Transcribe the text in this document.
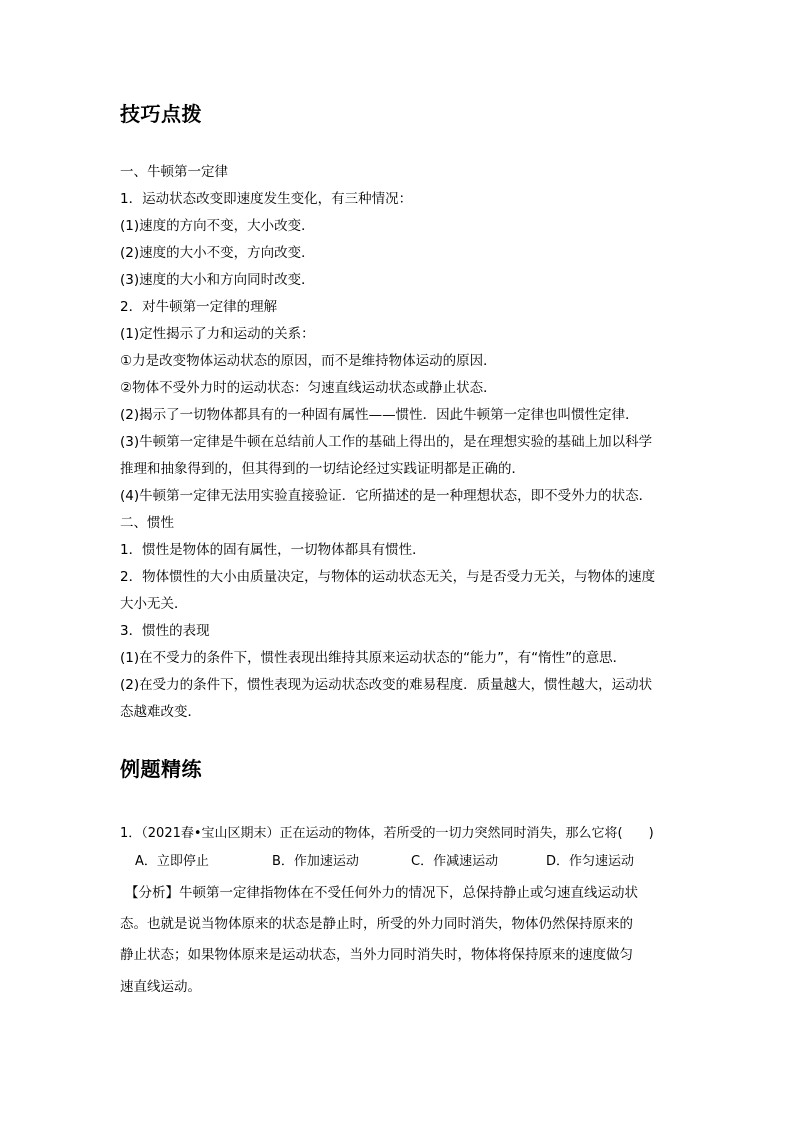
技巧点拨
一、牛顿第一定律
1．运动状态改变即速度发生变化，有三种情况：
(1)速度的方向不变，大小改变．
(2)速度的大小不变，方向改变．
(3)速度的大小和方向同时改变．
2．对牛顿第一定律的理解
(1)定性揭示了力和运动的关系：
①力是改变物体运动状态的原因，而不是维持物体运动的原因．
②物体不受外力时的运动状态：匀速直线运动状态或静止状态．
(2)揭示了一切物体都具有的一种固有属性——惯性．因此牛顿第一定律也叫惯性定律．
(3)牛顿第一定律是牛顿在总结前人工作的基础上得出的，是在理想实验的基础上加以科学
推理和抽象得到的，但其得到的一切结论经过实践证明都是正确的．
(4)牛顿第一定律无法用实验直接验证．它所描述的是一种理想状态，即不受外力的状态．
二、惯性
1．惯性是物体的固有属性，一切物体都具有惯性．
2．物体惯性的大小由质量决定，与物体的运动状态无关，与是否受力无关，与物体的速度
大小无关．
3．惯性的表现
(1)在不受力的条件下，惯性表现出维持其原来运动状态的“能力”，有“惰性”的意思．
(2)在受力的条件下，惯性表现为运动状态改变的难易程度．质量越大，惯性越大，运动状
态越难改变．
例题精练
1．（2021春•宝山区期末）正在运动的物体，若所受的一切力突然同时消失，那么它将(　　)
A．立即停止	B．作加速运动	C．作减速运动	D．作匀速运动
【分析】牛顿第一定律指物体在不受任何外力的情况下，总保持静止或匀速直线运动状
态。也就是说当物体原来的状态是静止时，所受的外力同时消失，物体仍然保持原来的
静止状态；如果物体原来是运动状态，当外力同时消失时，物体将保持原来的速度做匀
速直线运动。
